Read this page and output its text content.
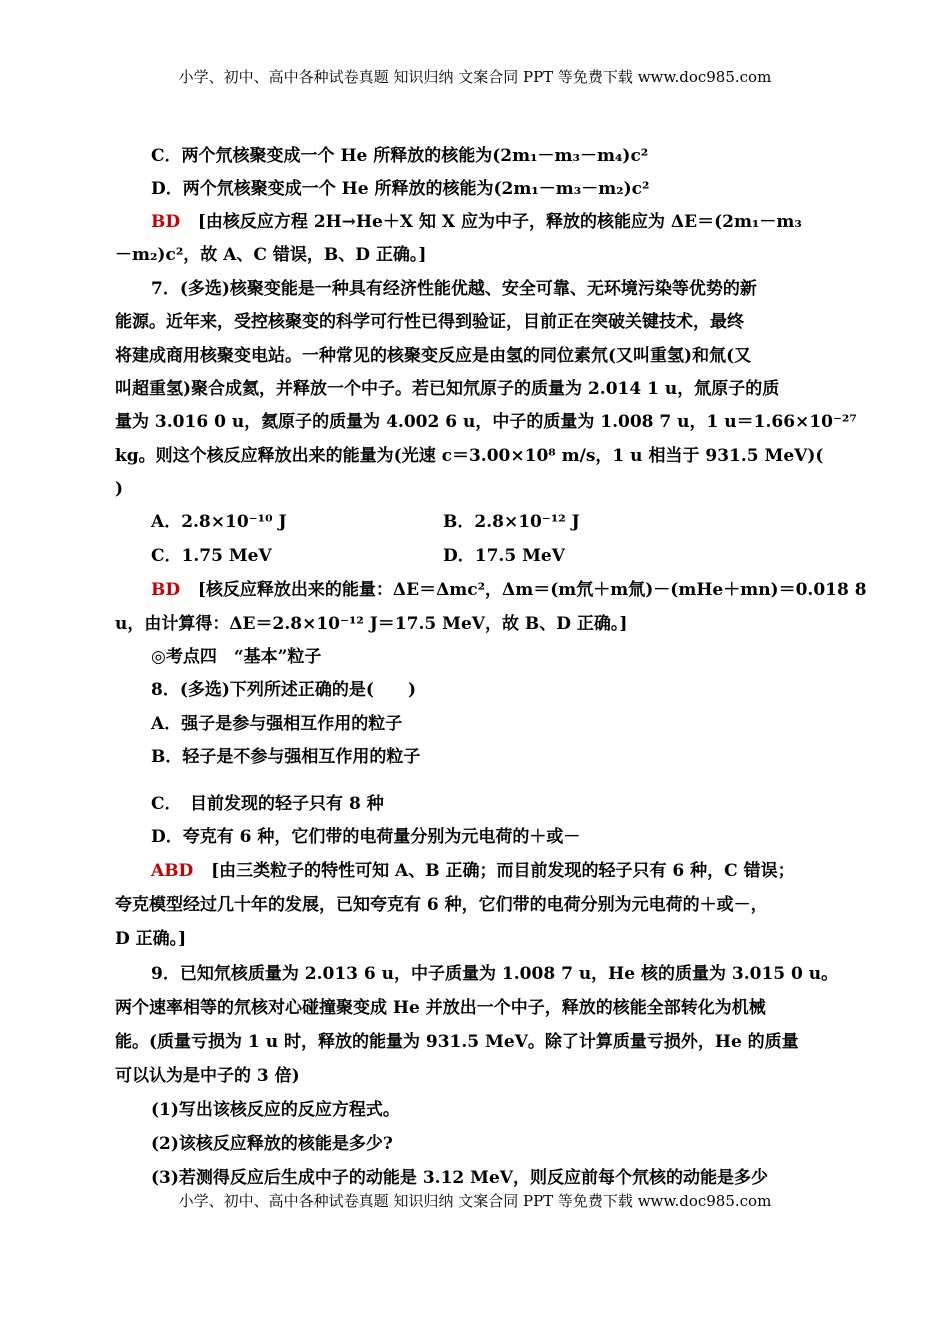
小学、初中、高中各种试卷真题 知识归纳 文案合同 PPT 等免费下载 www.doc985.com
C．两个氘核聚变成一个 He 所释放的核能为(2m₁－m₃－m₄)c²
D．两个氘核聚变成一个 He 所释放的核能为(2m₁－m₃－m₂)c²
BD [由核反应方程 2H→He＋X 知 X 应为中子，释放的核能应为 ΔE＝(2m₁－m₃
－m₂)c²，故 A、C 错误，B、D 正确。]
7．(多选)核聚变能是一种具有经济性能优越、安全可靠、无环境污染等优势的新
能源。近年来，受控核聚变的科学可行性已得到验证，目前正在突破关键技术，最终
将建成商用核聚变电站。一种常见的核聚变反应是由氢的同位素氘(又叫重氢)和氚(又
叫超重氢)聚合成氦，并释放一个中子。若已知氘原子的质量为 2.014 1 u，氚原子的质
量为 3.016 0 u，氦原子的质量为 4.002 6 u，中子的质量为 1.008 7 u，1 u＝1.66×10⁻²⁷
kg。则这个核反应释放出来的能量为(光速 c＝3.00×10⁸ m/s，1 u 相当于 931.5 MeV)(
)
A．2.8×10⁻¹⁰ J	B．2.8×10⁻¹² J
C．1.75 MeV	D．17.5 MeV
BD [核反应释放出来的能量：ΔE＝Δmc²，Δm＝(m氘＋m氚)－(mHe＋mn)＝0.018 8
u，由计算得：ΔE＝2.8×10⁻¹² J＝17.5 MeV，故 B、D 正确。]
◎考点四　“基本”粒子
8．(多选)下列所述正确的是(　　)
A．强子是参与强相互作用的粒子
B．轻子是不参与强相互作用的粒子
C．　目前发现的轻子只有 8 种
D．夸克有 6 种，它们带的电荷量分别为元电荷的＋或－
ABD [由三类粒子的特性可知 A、B 正确；而目前发现的轻子只有 6 种，C 错误；
夸克模型经过几十年的发展，已知夸克有 6 种，它们带的电荷分别为元电荷的＋或－，
D 正确。]
9．已知氘核质量为 2.013 6 u，中子质量为 1.008 7 u，He 核的质量为 3.015 0 u。
两个速率相等的氘核对心碰撞聚变成 He 并放出一个中子，释放的核能全部转化为机械
能。(质量亏损为 1 u 时，释放的能量为 931.5 MeV。除了计算质量亏损外，He 的质量
可以认为是中子的 3 倍)
(1)写出该核反应的反应方程式。
(2)该核反应释放的核能是多少?
(3)若测得反应后生成中子的动能是 3.12 MeV，则反应前每个氘核的动能是多少
小学、初中、高中各种试卷真题 知识归纳 文案合同 PPT 等免费下载 www.doc985.com
